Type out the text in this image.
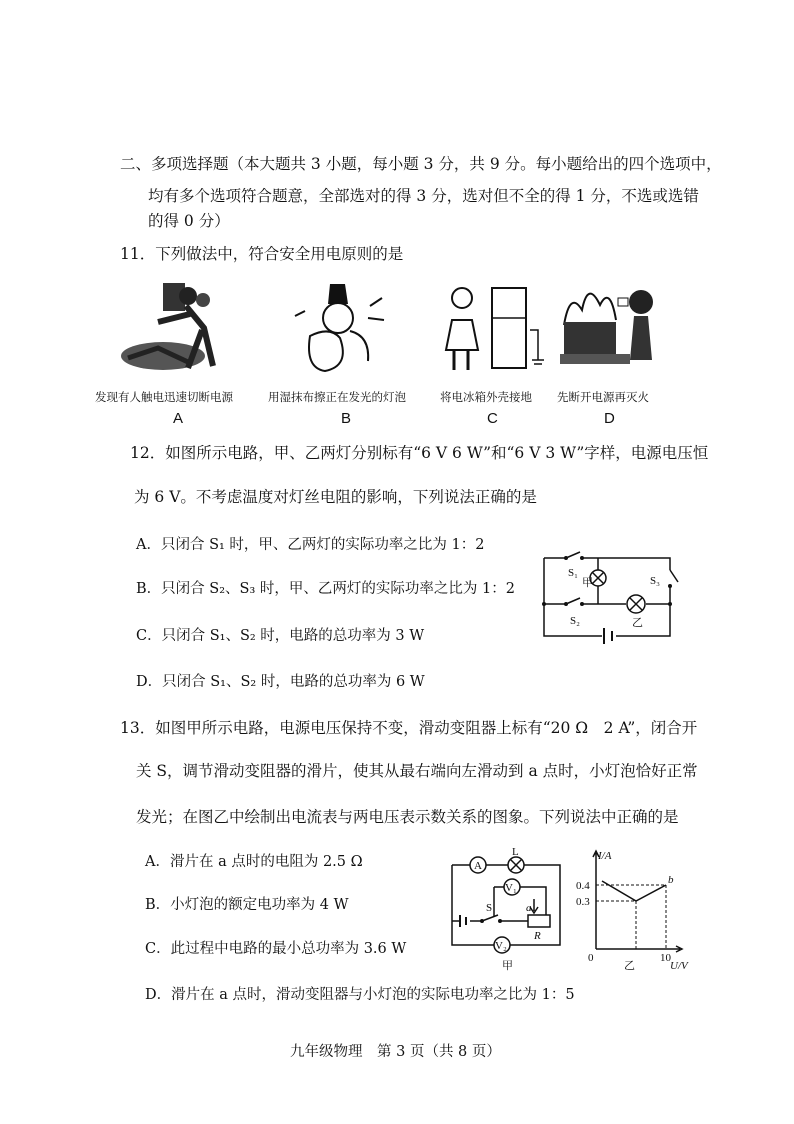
二、多项选择题（本大题共 3 小题，每小题 3 分，共 9 分。每小题给出的四个选项中，
均有多个选项符合题意，全部选对的得 3 分，选对但不全的得 1 分，不选或选错
的得 0 分）
11．下列做法中，符合安全用电原则的是
发现有人触电迅速切断电源	用湿抹布擦正在发光的灯泡	将电冰箱外壳接地 先断开电源再灭火
A	B	C	D
12．如图所示电路，甲、乙两灯分别标有“6 V 6 W”和“6 V 3 W”字样，电源电压恒
为 6 V。不考虑温度对灯丝电阻的影响，下列说法正确的是
A．只闭合 S₁ 时，甲、乙两灯的实际功率之比为 1：2
B．只闭合 S₂、S₃ 时，甲、乙两灯的实际功率之比为 1：2
C．只闭合 S₁、S₂ 时，电路的总功率为 3 W
D．只闭合 S₁、S₂ 时，电路的总功率为 6 W
S₁
甲	S₃
S₂	乙
13．如图甲所示电路，电源电压保持不变，滑动变阻器上标有“20 Ω　2 A”，闭合开
关 S，调节滑动变阻器的滑片，使其从最右端向左滑动到 a 点时，小灯泡恰好正常
发光；在图乙中绘制出电流表与两电压表示数关系的图象。下列说法中正确的是
A．滑片在 a 点时的电阻为 2.5 Ω
B．小灯泡的额定电功率为 4 W
C．此过程中电路的最小总功率为 3.6 W
D．滑片在 a 点时，滑动变阻器与小灯泡的实际电功率之比为 1：5
A
L
V₁
V₂
S	a
R
甲
I/A
0.4
0.3
0	10
U/V
b
乙
九年级物理　第 3 页（共 8 页）
